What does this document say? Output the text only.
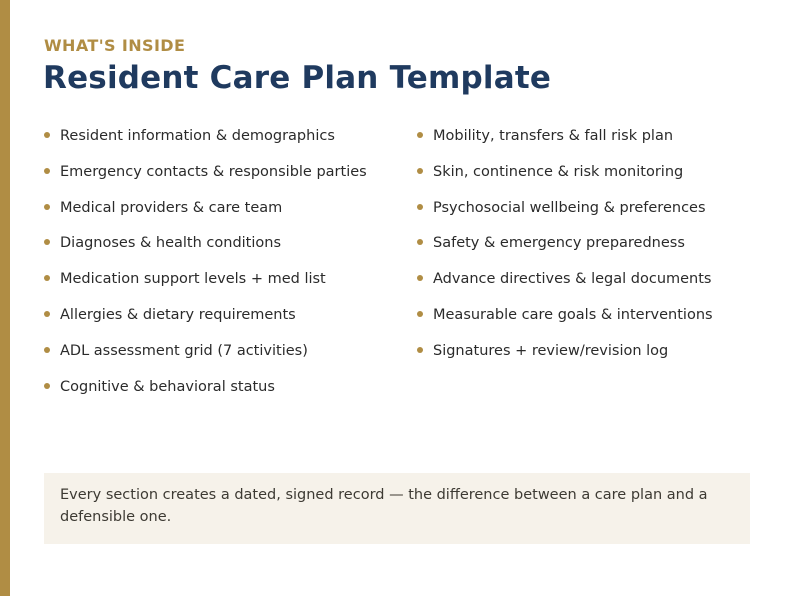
WHAT'S INSIDE
Resident Care Plan Template
Resident information & demographics
Emergency contacts & responsible parties
Medical providers & care team
Diagnoses & health conditions
Medication support levels + med list
Allergies & dietary requirements
ADL assessment grid (7 activities)
Cognitive & behavioral status
Mobility, transfers & fall risk plan
Skin, continence & risk monitoring
Psychosocial wellbeing & preferences
Safety & emergency preparedness
Advance directives & legal documents
Measurable care goals & interventions
Signatures + review/revision log
Every section creates a dated, signed record — the difference between a care plan and a defensible one.
